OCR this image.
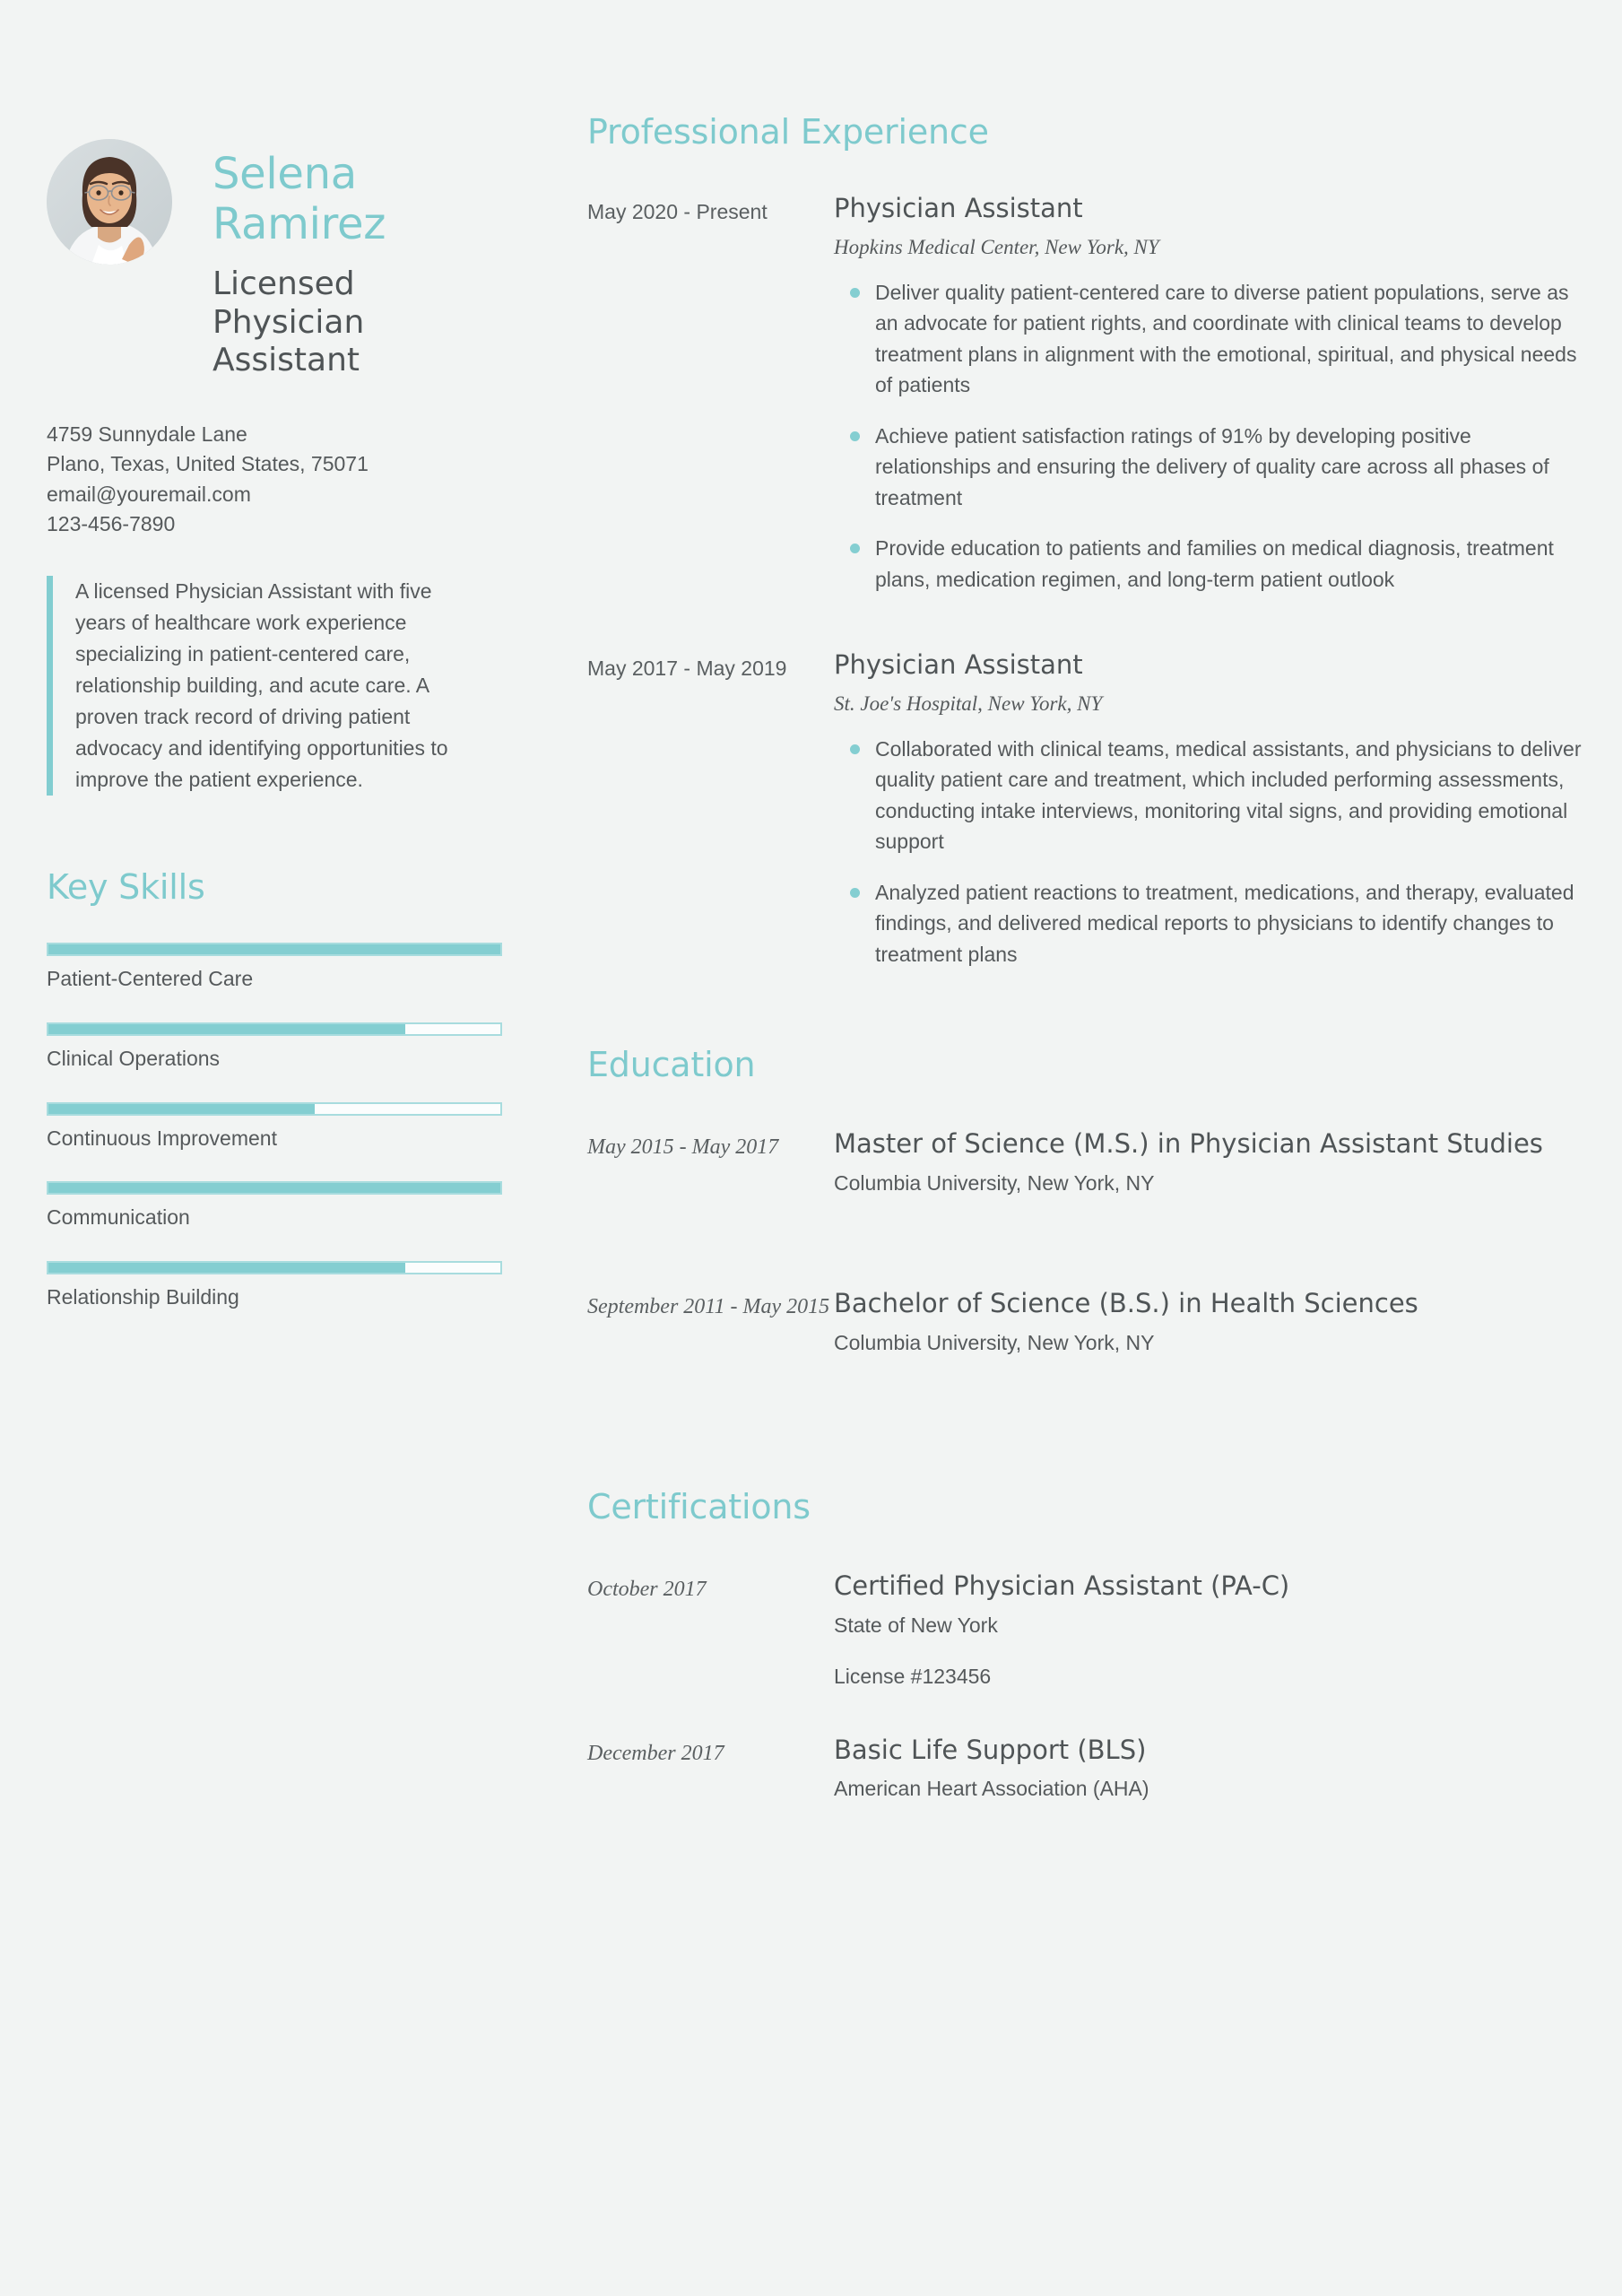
Selena Ramirez
Licensed Physician Assistant
4759 Sunnydale Lane
Plano, Texas, United States, 75071
email@youremail.com
123-456-7890
A licensed Physician Assistant with five years of healthcare work experience specializing in patient-centered care, relationship building, and acute care. A proven track record of driving patient advocacy and identifying opportunities to improve the patient experience.
Key Skills
Patient-Centered Care
Clinical Operations
Continuous Improvement
Communication
Relationship Building
Professional Experience
May 2020 - Present	Physician Assistant
Hopkins Medical Center, New York, NY
Deliver quality patient-centered care to diverse patient populations, serve as an advocate for patient rights, and coordinate with clinical teams to develop treatment plans in alignment with the emotional, spiritual, and physical needs of patients
Achieve patient satisfaction ratings of 91% by developing positive relationships and ensuring the delivery of quality care across all phases of treatment
Provide education to patients and families on medical diagnosis, treatment plans, medication regimen, and long-term patient outlook
May 2017 - May 2019	Physician Assistant
St. Joe's Hospital, New York, NY
Collaborated with clinical teams, medical assistants, and physicians to deliver quality patient care and treatment, which included performing assessments, conducting intake interviews, monitoring vital signs, and providing emotional support
Analyzed patient reactions to treatment, medications, and therapy, evaluated findings, and delivered medical reports to physicians to identify changes to treatment plans
Education
May 2015 - May 2017	Master of Science (M.S.) in Physician Assistant Studies
Columbia University, New York, NY
September 2011 - May 2015 Bachelor of Science (B.S.) in Health Sciences
Columbia University, New York, NY
Certifications
October 2017	Certified Physician Assistant (PA-C)
State of New York
License #123456
December 2017	Basic Life Support (BLS)
American Heart Association (AHA)
